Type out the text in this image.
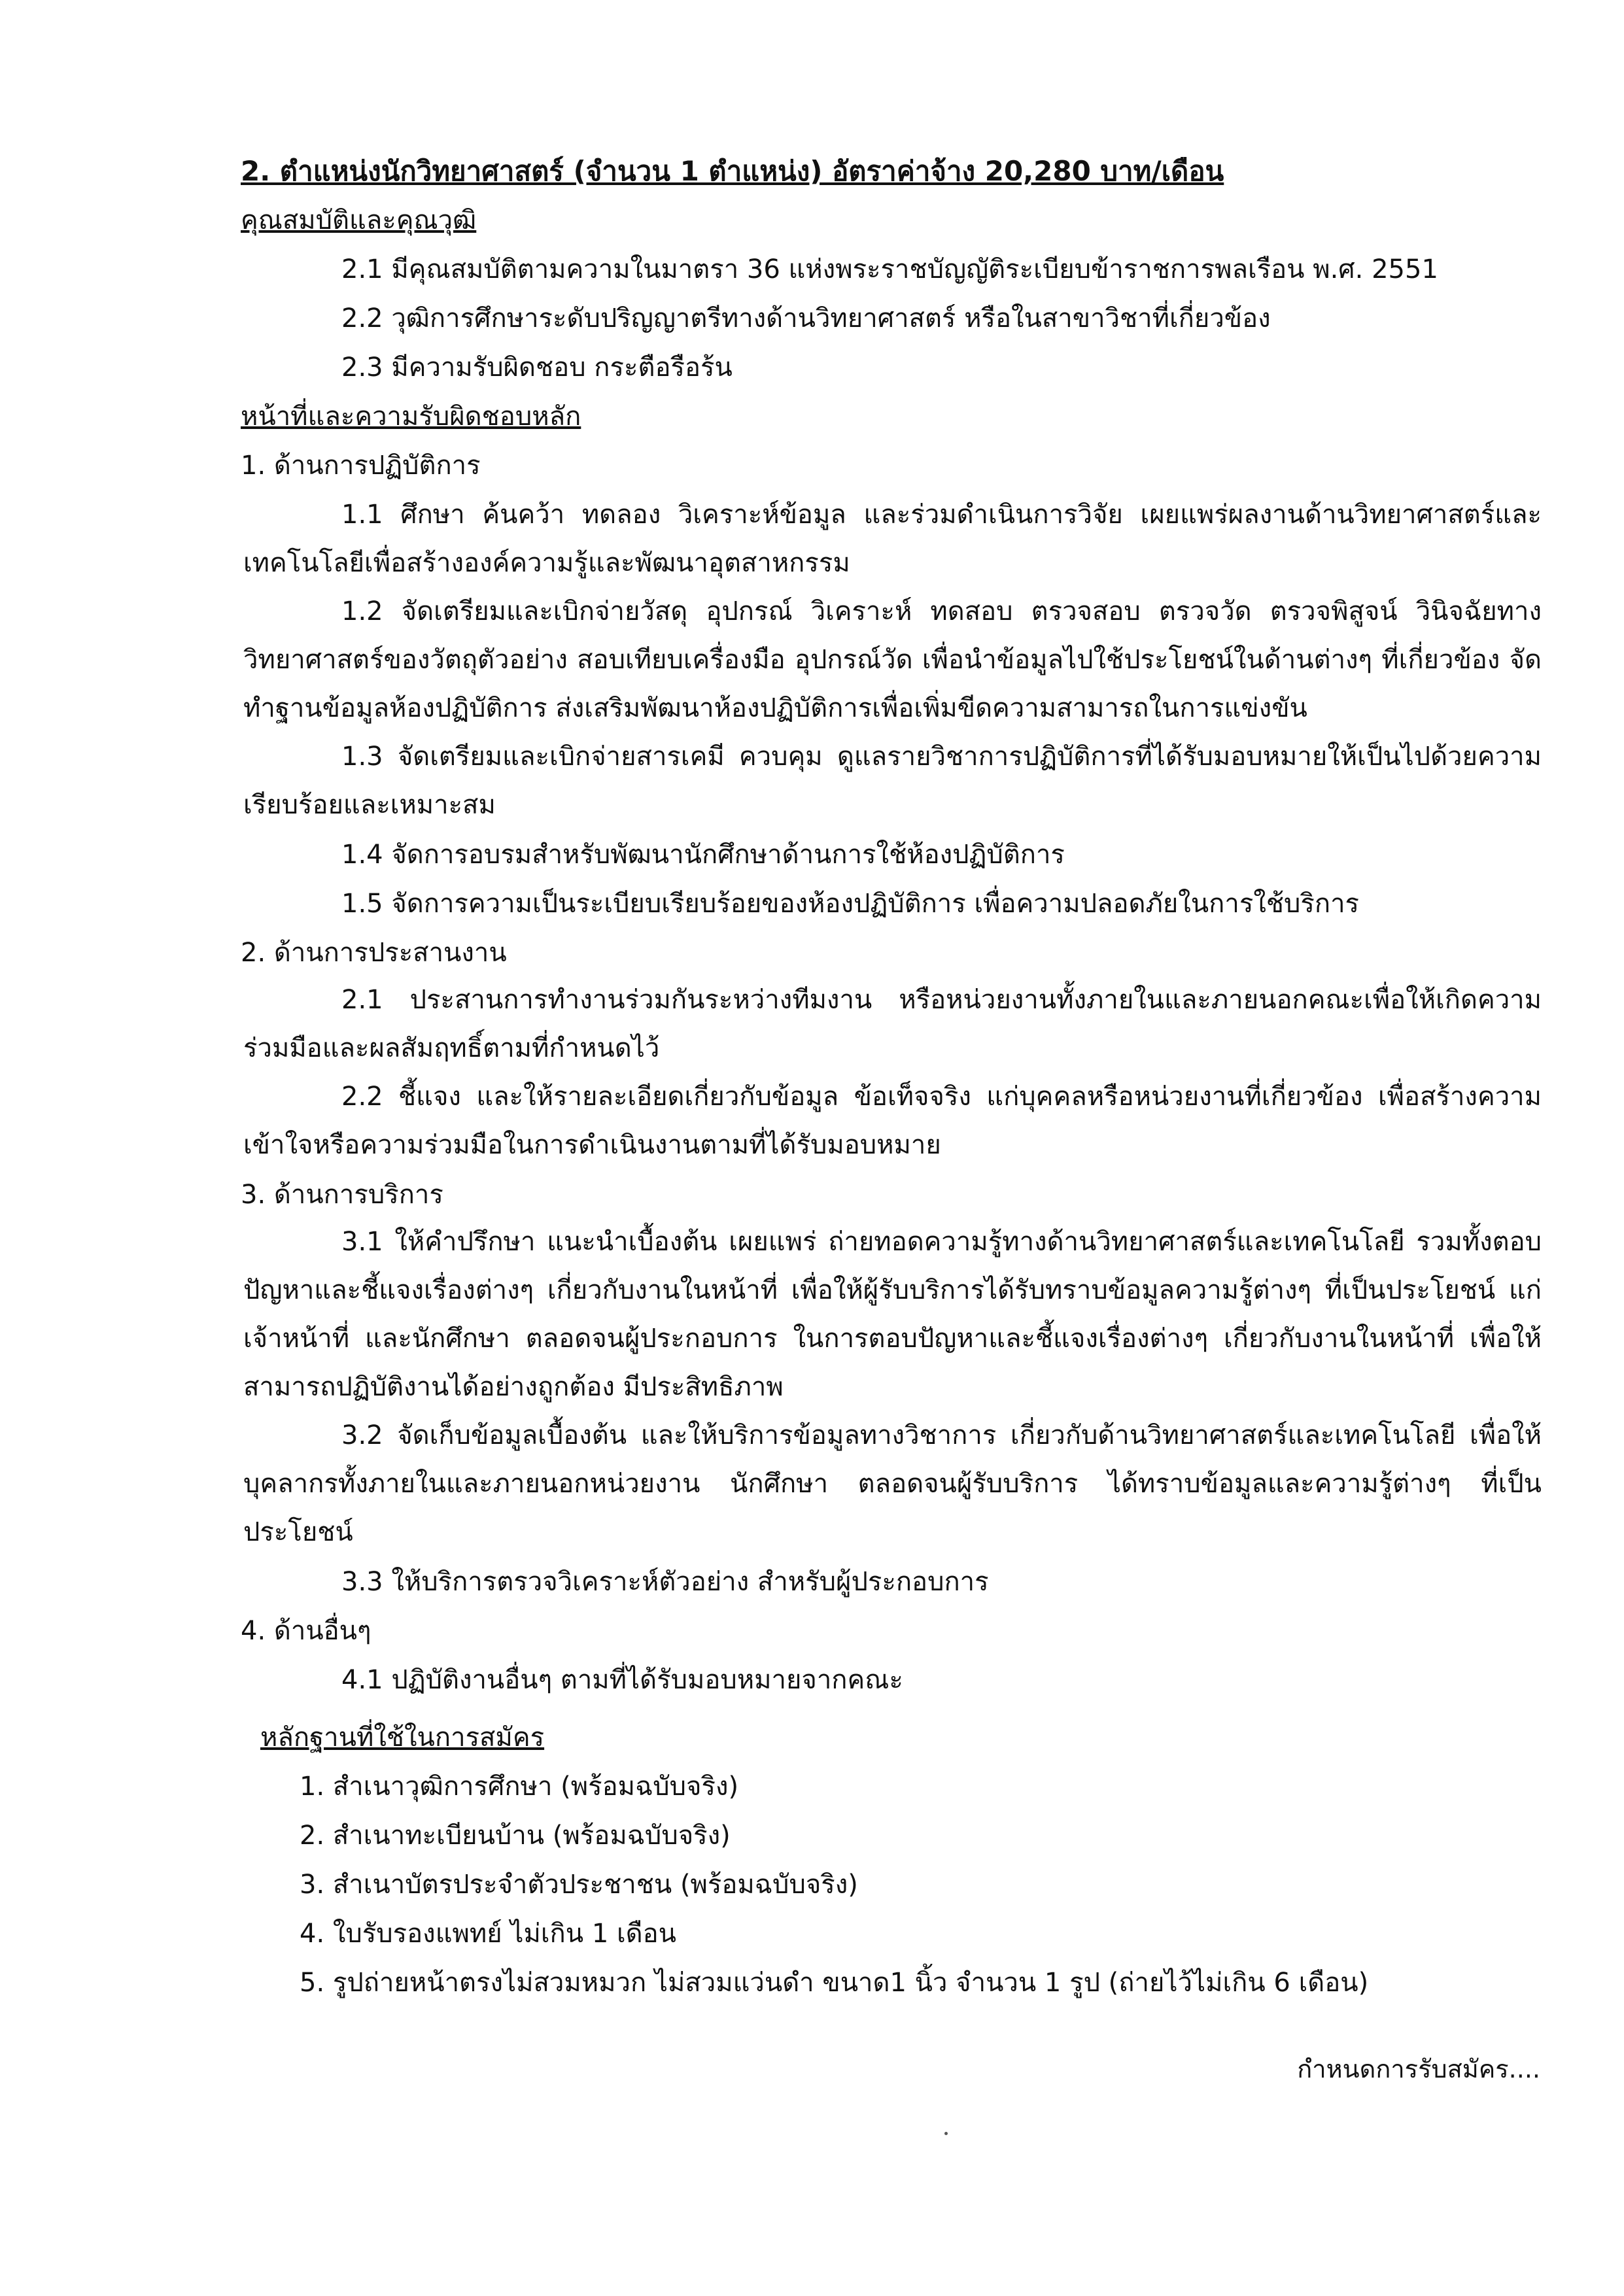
2. ตำแหน่งนักวิทยาศาสตร์ (จำนวน 1 ตำแหน่ง) อัตราค่าจ้าง 20,280 บาท/เดือน
คุณสมบัติและคุณวุฒิ
2.1 มีคุณสมบัติตามความในมาตรา 36 แห่งพระราชบัญญัติระเบียบข้าราชการพลเรือน พ.ศ. 2551
2.2 วุฒิการศึกษาระดับปริญญาตรีทางด้านวิทยาศาสตร์ หรือในสาขาวิชาที่เกี่ยวข้อง
2.3 มีความรับผิดชอบ กระตือรือร้น
หน้าที่และความรับผิดชอบหลัก
1. ด้านการปฏิบัติการ
1.1 ศึกษา ค้นคว้า ทดลอง วิเคราะห์ข้อมูล และร่วมดำเนินการวิจัย เผยแพร่ผลงานด้านวิทยาศาสตร์และเทคโนโลยีเพื่อสร้างองค์ความรู้และพัฒนาอุตสาหกรรม
1.2 จัดเตรียมและเบิกจ่ายวัสดุ อุปกรณ์ วิเคราะห์ ทดสอบ ตรวจสอบ ตรวจวัด ตรวจพิสูจน์ วินิจฉัยทางวิทยาศาสตร์ของวัตถุตัวอย่าง สอบเทียบเครื่องมือ อุปกรณ์วัด เพื่อนำข้อมูลไปใช้ประโยชน์ในด้านต่างๆ ที่เกี่ยวข้อง จัดทำฐานข้อมูลห้องปฏิบัติการ ส่งเสริมพัฒนาห้องปฏิบัติการเพื่อเพิ่มขีดความสามารถในการแข่งขัน
1.3 จัดเตรียมและเบิกจ่ายสารเคมี ควบคุม ดูแลรายวิชาการปฏิบัติการที่ได้รับมอบหมายให้เป็นไปด้วยความเรียบร้อยและเหมาะสม
1.4 จัดการอบรมสำหรับพัฒนานักศึกษาด้านการใช้ห้องปฏิบัติการ
1.5 จัดการความเป็นระเบียบเรียบร้อยของห้องปฏิบัติการ เพื่อความปลอดภัยในการใช้บริการ
2. ด้านการประสานงาน
2.1 ประสานการทำงานร่วมกันระหว่างทีมงาน หรือหน่วยงานทั้งภายในและภายนอกคณะเพื่อให้เกิดความร่วมมือและผลสัมฤทธิ์ตามที่กำหนดไว้
2.2 ชี้แจง และให้รายละเอียดเกี่ยวกับข้อมูล ข้อเท็จจริง แก่บุคคลหรือหน่วยงานที่เกี่ยวข้อง เพื่อสร้างความเข้าใจหรือความร่วมมือในการดำเนินงานตามที่ได้รับมอบหมาย
3. ด้านการบริการ
3.1 ให้คำปรึกษา แนะนำเบื้องต้น เผยแพร่ ถ่ายทอดความรู้ทางด้านวิทยาศาสตร์และเทคโนโลยี รวมทั้งตอบปัญหาและชี้แจงเรื่องต่างๆ เกี่ยวกับงานในหน้าที่ เพื่อให้ผู้รับบริการได้รับทราบข้อมูลความรู้ต่างๆ ที่เป็นประโยชน์ แก่ เจ้าหน้าที่ และนักศึกษา ตลอดจนผู้ประกอบการ ในการตอบปัญหาและชี้แจงเรื่องต่างๆ เกี่ยวกับงานในหน้าที่ เพื่อให้สามารถปฏิบัติงานได้อย่างถูกต้อง มีประสิทธิภาพ
3.2 จัดเก็บข้อมูลเบื้องต้น และให้บริการข้อมูลทางวิชาการ เกี่ยวกับด้านวิทยาศาสตร์และเทคโนโลยี เพื่อให้บุคลากรทั้งภายในและภายนอกหน่วยงาน นักศึกษา ตลอดจนผู้รับบริการ ได้ทราบข้อมูลและความรู้ต่างๆ ที่เป็นประโยชน์
3.3 ให้บริการตรวจวิเคราะห์ตัวอย่าง สำหรับผู้ประกอบการ
4. ด้านอื่นๆ
4.1 ปฏิบัติงานอื่นๆ ตามที่ได้รับมอบหมายจากคณะ
หลักฐานที่ใช้ในการสมัคร
1. สำเนาวุฒิการศึกษา (พร้อมฉบับจริง)
2. สำเนาทะเบียนบ้าน (พร้อมฉบับจริง)
3. สำเนาบัตรประจำตัวประชาชน (พร้อมฉบับจริง)
4. ใบรับรองแพทย์ ไม่เกิน 1 เดือน
5. รูปถ่ายหน้าตรงไม่สวมหมวก ไม่สวมแว่นดำ ขนาด1 นิ้ว จำนวน 1 รูป (ถ่ายไว้ไม่เกิน 6 เดือน)
กำหนดการรับสมัคร....
